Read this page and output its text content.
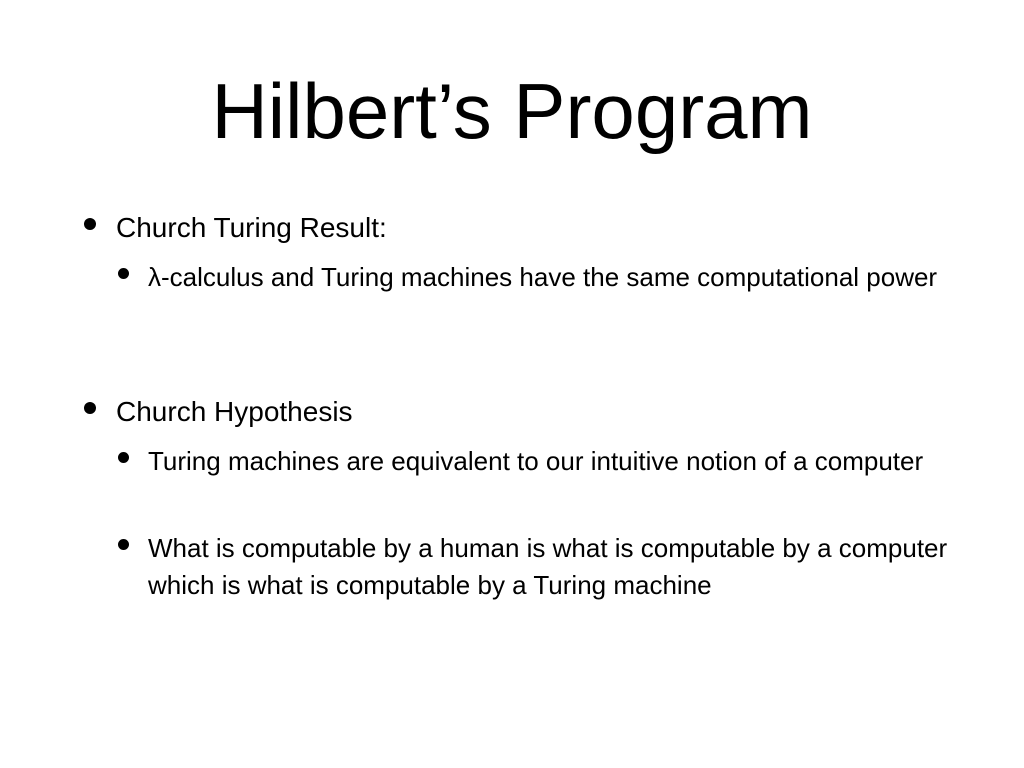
Hilbert’s Program
Church Turing Result:
λ-calculus and Turing machines have the same computational power
Church Hypothesis
Turing machines are equivalent to our intuitive notion of a computer
What is computable by a human is what is computable by a computer which is what is computable by a Turing machine
